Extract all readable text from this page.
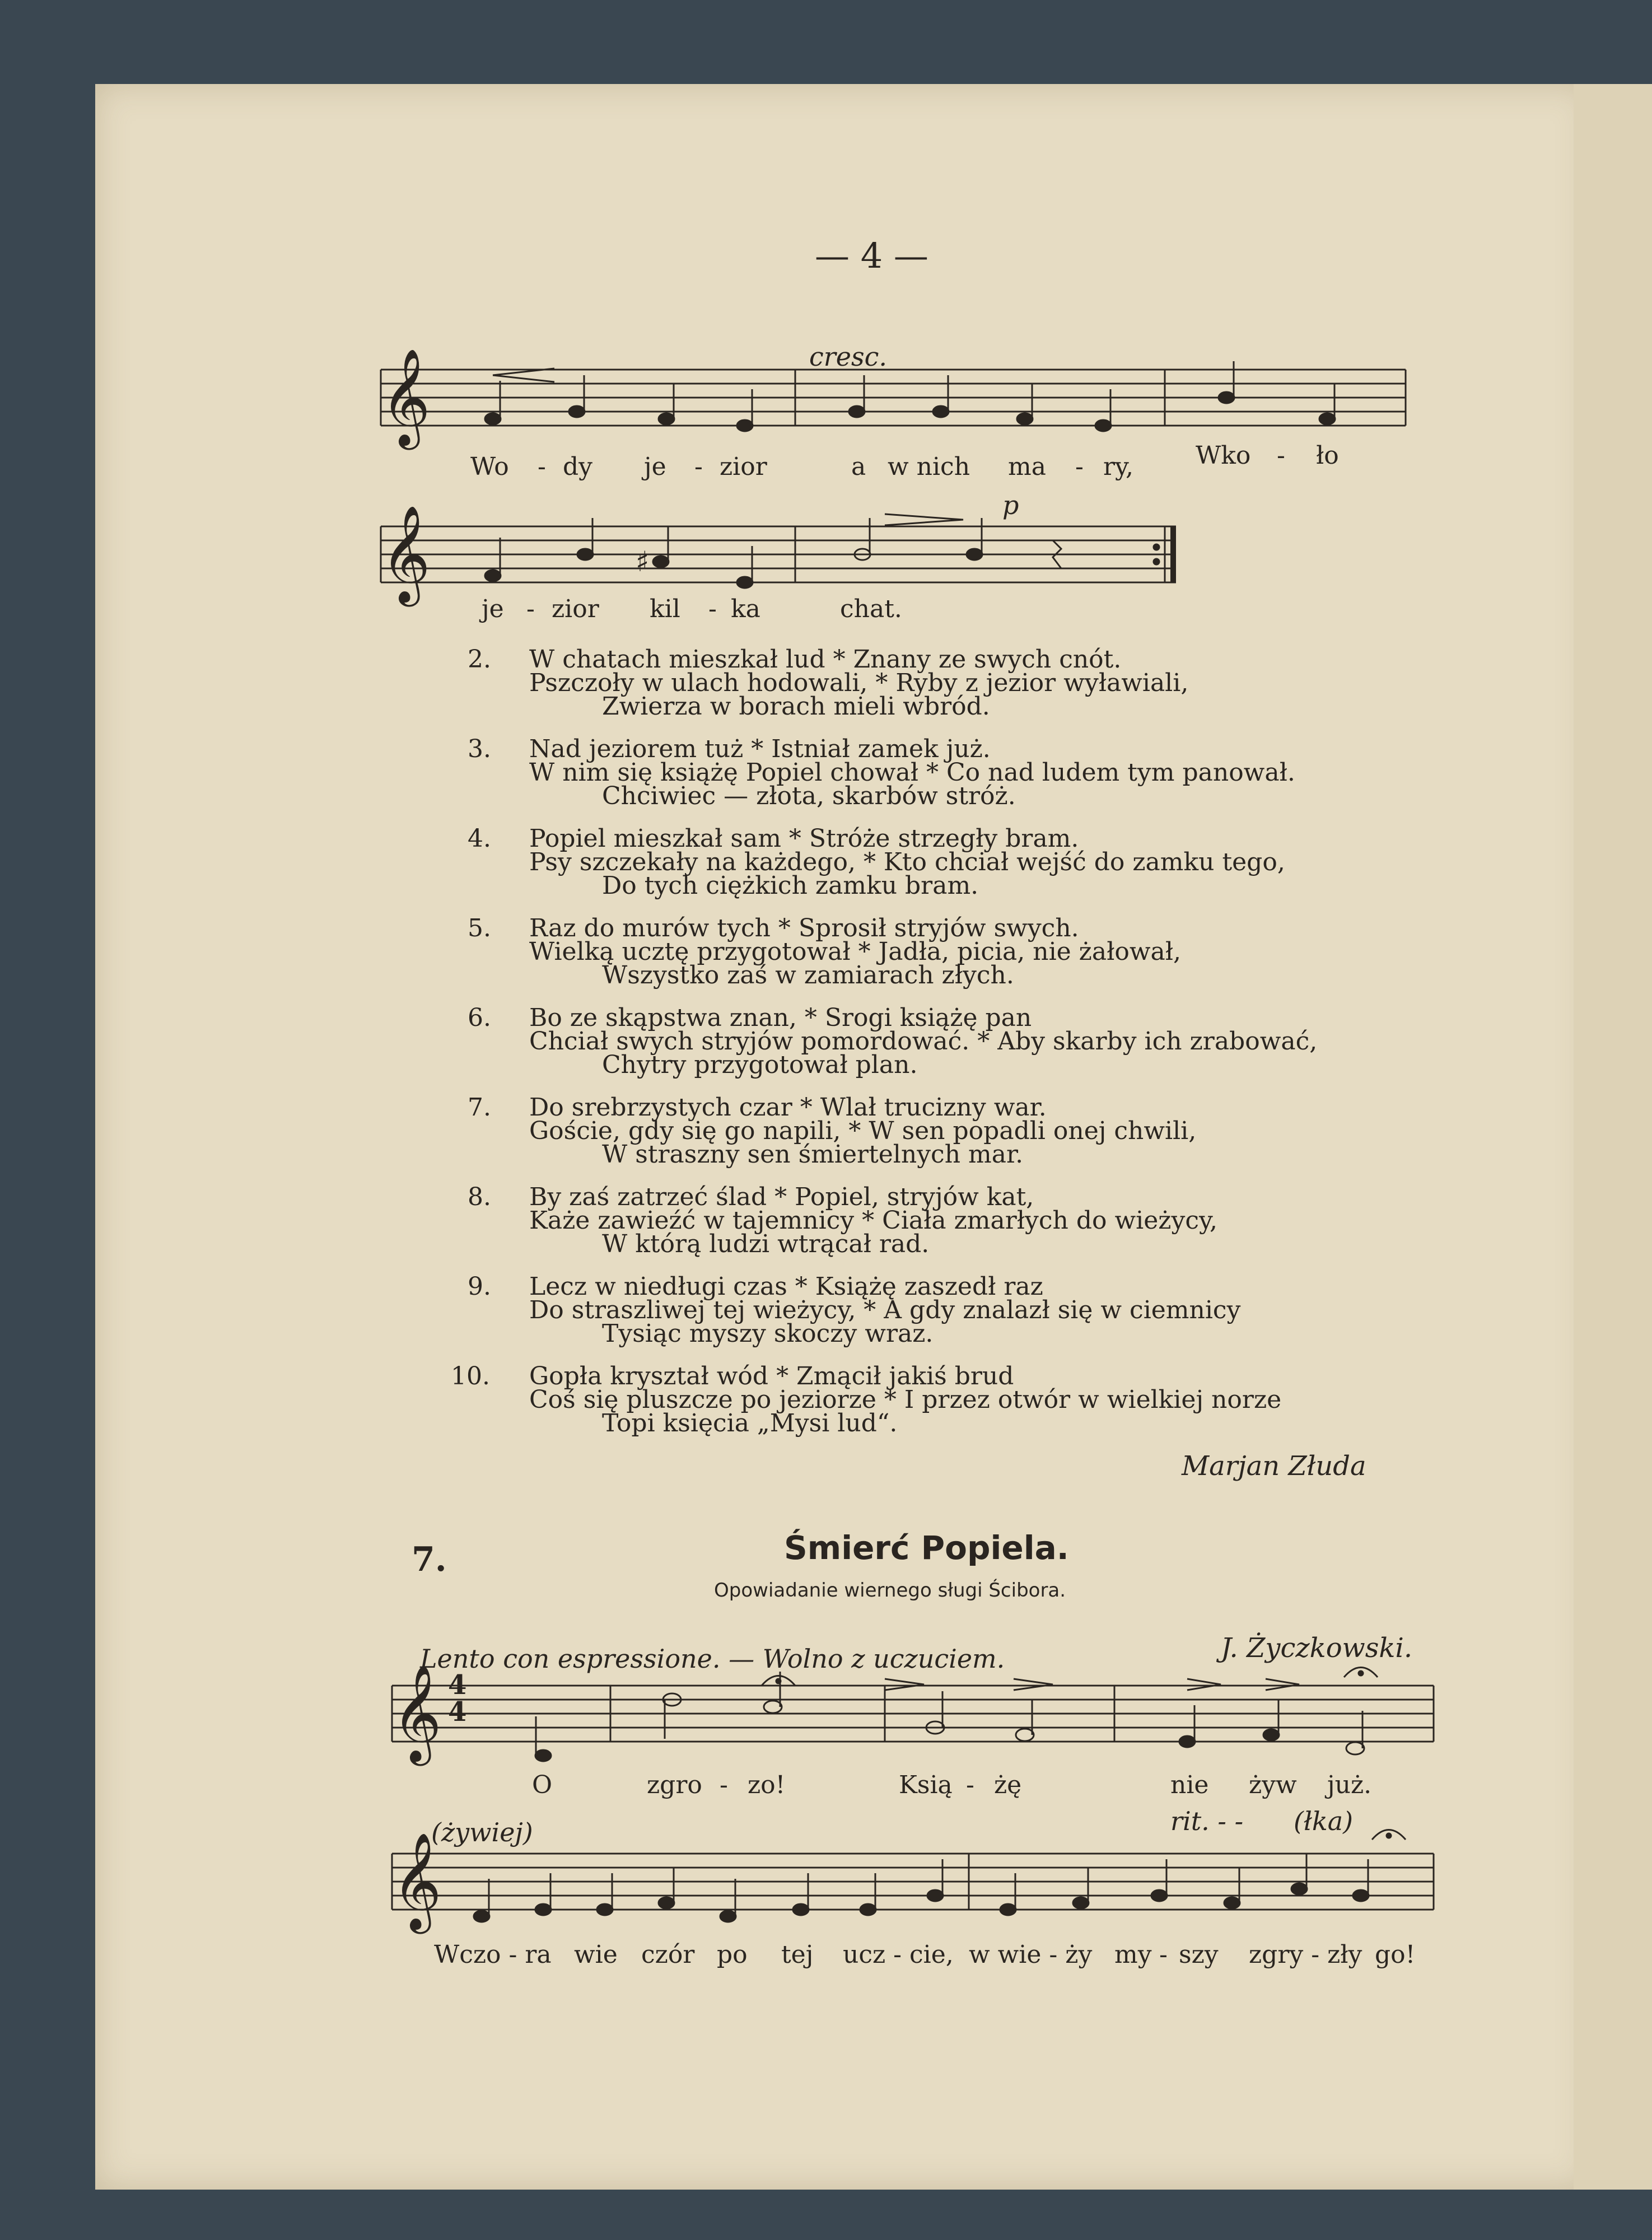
— 4 —
cresc.
𝄞
Wo - dy je - zior	a w nich ma - ry,	Wko - ło
p
♯
𝄞
je - zior kil - ka	chat.
2. W chatach mieszkał lud * Znany ze swych cnót.
Pszczoły w ulach hodowali, * Ryby z jezior wyławiali,
Zwierza w borach mieli wbród.
3. Nad jeziorem tuż * Istniał zamek już.
W nim się książę Popiel chował * Co nad ludem tym panował.
Chciwiec — złota, skarbów stróż.
4. Popiel mieszkał sam * Stróże strzegły bram.
Psy szczekały na każdego, * Kto chciał wejść do zamku tego,
Do tych ciężkich zamku bram.
5. Raz do murów tych * Sprosił stryjów swych.
Wielką ucztę przygotował * Jadła, picia, nie żałował,
Wszystko zaś w zamiarach złych.
6. Bo ze skąpstwa znan, * Srogi książę pan
Chciał swych stryjów pomordować. * Aby skarby ich zrabować,
Chytry przygotował plan.
7. Do srebrzystych czar * Wlał trucizny war.
Goście, gdy się go napili, * W sen popadli onej chwili,
W straszny sen śmiertelnych mar.
8. By zaś zatrzeć ślad * Popiel, stryjów kat,
Każe zawieźć w tajemnicy * Ciała zmarłych do wieżycy,
W którą ludzi wtrącał rad.
9. Lecz w niedługi czas * Książę zaszedł raz
Do straszliwej tej wieżycy, * A gdy znalazł się w ciemnicy
Tysiąc myszy skoczy wraz.
10. Gopła kryształ wód * Zmącił jakiś brud
Coś się pluszcze po jeziorze * I przez otwór w wielkiej norze
Topi księcia „Mysi lud“.
Marjan Złuda
7.	Śmierć Popiela.
Opowiadanie wiernego sługi Ścibora.
Lento con espressione. — Wolno z uczuciem.	J. Życzkowski.
𝄞 4
4
O	zgro - zo!	Ksią - żę	nie żyw już.
(żywiej)	rit. - - (łka)
𝄞
Wczo - ra wie czór po tej ucz - cie, w wie - ży my - szy zgry - zły go!
